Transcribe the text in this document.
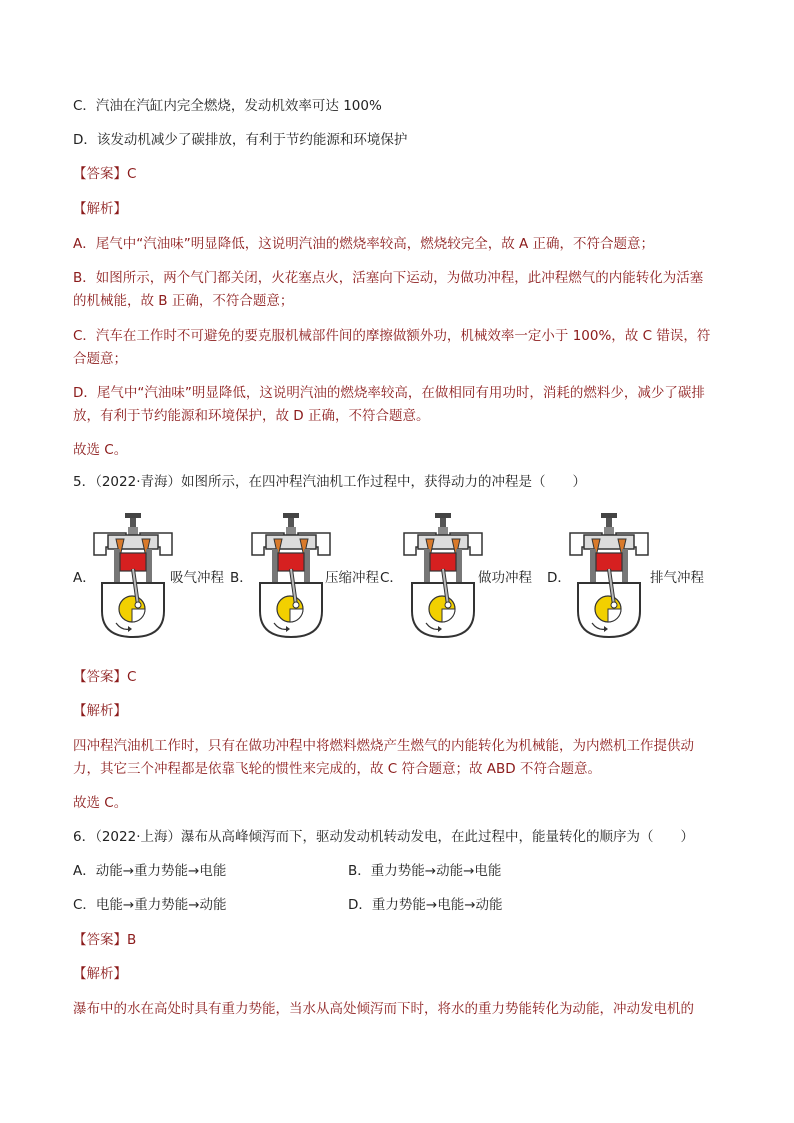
C．汽油在汽缸内完全燃烧，发动机效率可达 100%
D．该发动机减少了碳排放，有利于节约能源和环境保护
【答案】C
【解析】
A．尾气中“汽油味”明显降低，这说明汽油的燃烧率较高，燃烧较完全，故 A 正确，不符合题意；
B．如图所示，两个气门都关闭，火花塞点火，活塞向下运动，为做功冲程，此冲程燃气的内能转化为活塞
的机械能，故 B 正确，不符合题意；
C．汽车在工作时不可避免的要克服机械部件间的摩擦做额外功，机械效率一定小于 100%，故 C 错误，符
合题意；
D．尾气中“汽油味”明显降低，这说明汽油的燃烧率较高，在做相同有用功时，消耗的燃料少，减少了碳排
放，有利于节约能源和环境保护，故 D 正确，不符合题意。
故选 C。
5．（2022·青海）如图所示，在四冲程汽油机工作过程中，获得动力的冲程是（　　）
A．	吸气冲程 B．	压缩冲程 C．	做功冲程 D．	排气冲程
【答案】C
【解析】
四冲程汽油机工作时，只有在做功冲程中将燃料燃烧产生燃气的内能转化为机械能，为内燃机工作提供动
力，其它三个冲程都是依靠飞轮的惯性来完成的，故 C 符合题意；故 ABD 不符合题意。
故选 C。
6．（2022·上海）瀑布从高峰倾泻而下，驱动发动机转动发电，在此过程中，能量转化的顺序为（　　）
A．动能→重力势能→电能	B．重力势能→动能→电能
C．电能→重力势能→动能	D．重力势能→电能→动能
【答案】B
【解析】
瀑布中的水在高处时具有重力势能，当水从高处倾泻而下时，将水的重力势能转化为动能，冲动发电机的
